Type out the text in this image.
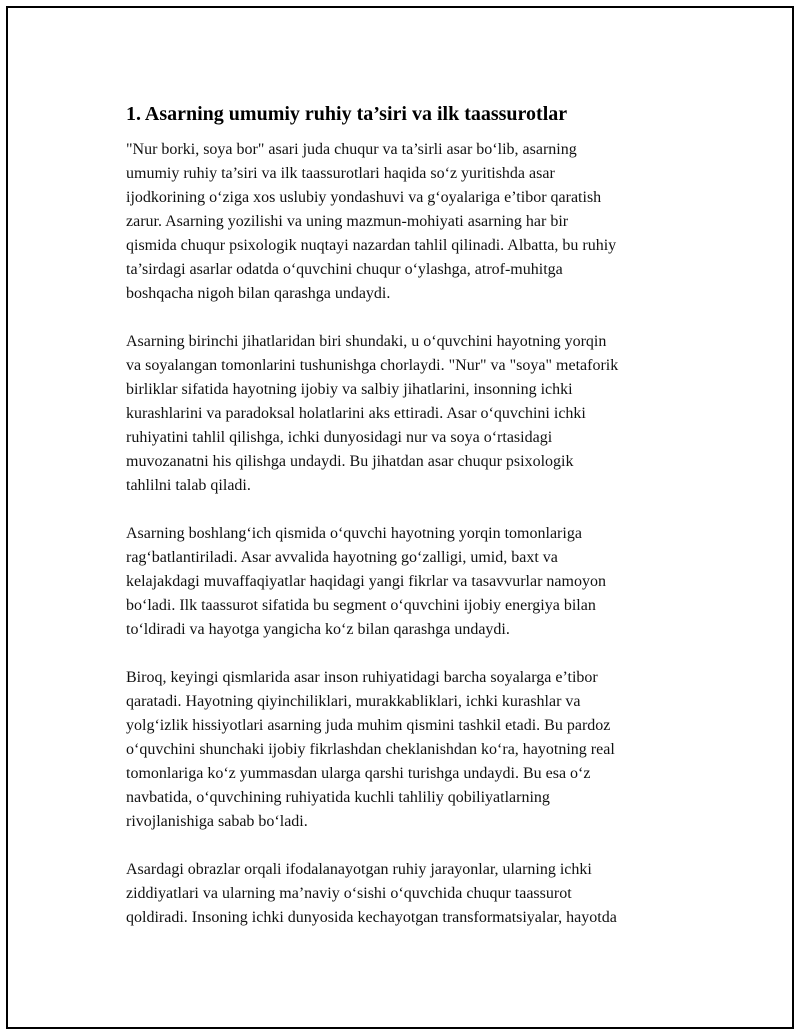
1. Asarning umumiy ruhiy ta’siri va ilk taassurotlar

"Nur borki, soya bor" asari juda chuqur va ta’sirli asar bo‘lib, asarning
umumiy ruhiy ta’siri va ilk taassurotlari haqida so‘z yuritishda asar
ijodkorining o‘ziga xos uslubiy yondashuvi va g‘oyalariga e’tibor qaratish
zarur. Asarning yozilishi va uning mazmun-mohiyati asarning har bir
qismida chuqur psixologik nuqtayi nazardan tahlil qilinadi. Albatta, bu ruhiy
ta’sirdagi asarlar odatda o‘quvchini chuqur o‘ylashga, atrof-muhitga
boshqacha nigoh bilan qarashga undaydi.

Asarning birinchi jihatlaridan biri shundaki, u o‘quvchini hayotning yorqin
va soyalangan tomonlarini tushunishga chorlaydi. "Nur" va "soya" metaforik
birliklar sifatida hayotning ijobiy va salbiy jihatlarini, insonning ichki
kurashlarini va paradoksal holatlarini aks ettiradi. Asar o‘quvchini ichki
ruhiyatini tahlil qilishga, ichki dunyosidagi nur va soya o‘rtasidagi
muvozanatni his qilishga undaydi. Bu jihatdan asar chuqur psixologik
tahlilni talab qiladi.

Asarning boshlang‘ich qismida o‘quvchi hayotning yorqin tomonlariga
rag‘batlantiriladi. Asar avvalida hayotning go‘zalligi, umid, baxt va
kelajakdagi muvaffaqiyatlar haqidagi yangi fikrlar va tasavvurlar namoyon
bo‘ladi. Ilk taassurot sifatida bu segment o‘quvchini ijobiy energiya bilan
to‘ldiradi va hayotga yangicha ko‘z bilan qarashga undaydi.

Biroq, keyingi qismlarida asar inson ruhiyatidagi barcha soyalarga e’tibor
qaratadi. Hayotning qiyinchiliklari, murakkabliklari, ichki kurashlar va
yolg‘izlik hissiyotlari asarning juda muhim qismini tashkil etadi. Bu pardoz
o‘quvchini shunchaki ijobiy fikrlashdan cheklanishdan ko‘ra, hayotning real
tomonlariga ko‘z yummasdan ularga qarshi turishga undaydi. Bu esa o‘z
navbatida, o‘quvchining ruhiyatida kuchli tahliliy qobiliyatlarning
rivojlanishiga sabab bo‘ladi.

Asardagi obrazlar orqali ifodalanayotgan ruhiy jarayonlar, ularning ichki
ziddiyatlari va ularning ma’naviy o‘sishi o‘quvchida chuqur taassurot
qoldiradi. Insoning ichki dunyosida kechayotgan transformatsiyalar, hayotda
